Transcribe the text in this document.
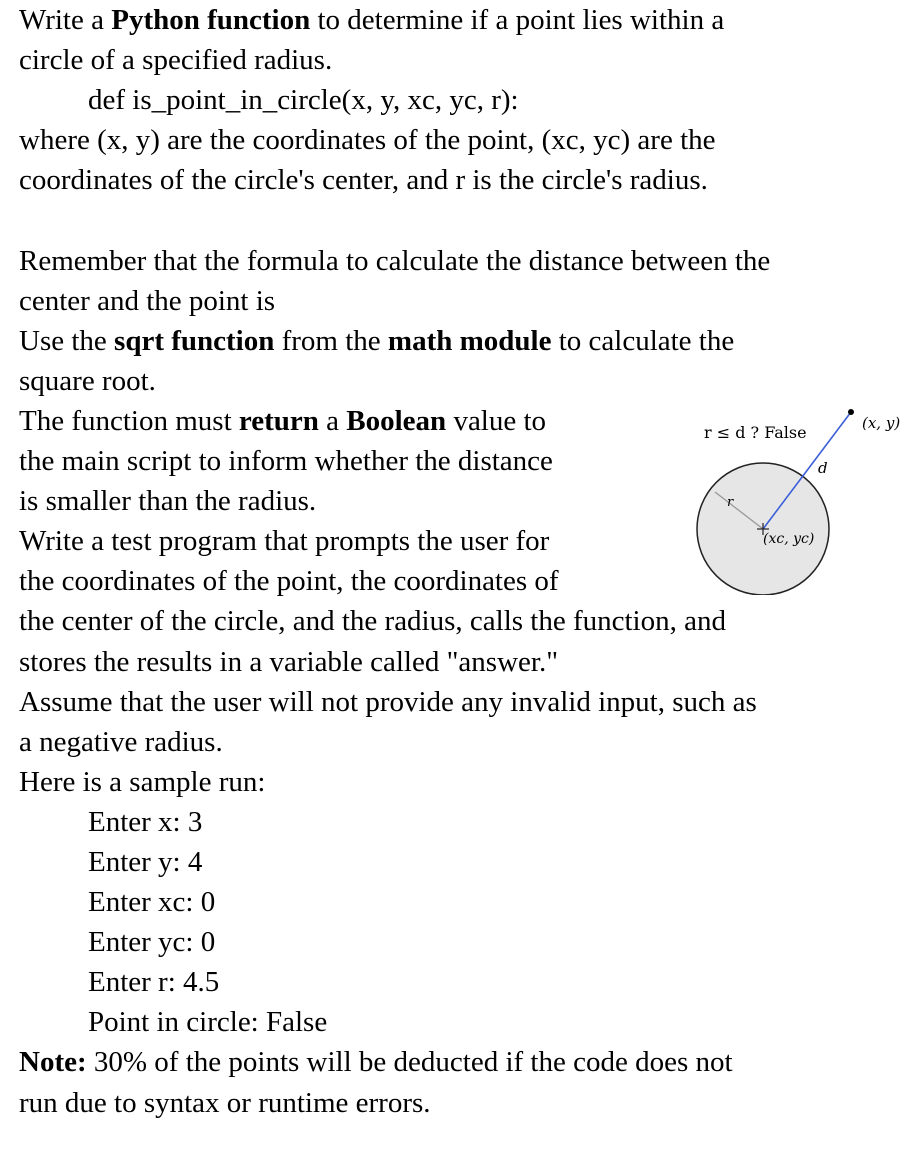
Write a Python function to determine if a point lies within a
circle of a specified radius.
def is_point_in_circle(x, y, xc, yc, r):
where (x, y) are the coordinates of the point, (xc, yc) are the
coordinates of the circle's center, and r is the circle's radius.
Remember that the formula to calculate the distance between the
center and the point is
Use the sqrt function from the math module to calculate the
square root.
The function must return a Boolean value to
the main script to inform whether the distance
is smaller than the radius.
Write a test program that prompts the user for
the coordinates of the point, the coordinates of
the center of the circle, and the radius, calls the function, and
stores the results in a variable called "answer."
Assume that the user will not provide any invalid input, such as
a negative radius.
Here is a sample run:
Enter x: 3
Enter y: 4
Enter xc: 0
Enter yc: 0
Enter r: 4.5
Point in circle: False
Note: 30% of the points will be deducted if the code does not
run due to syntax or runtime errors.
r ≤ d ? False	(x, y)
r
d
(xc, yc)
